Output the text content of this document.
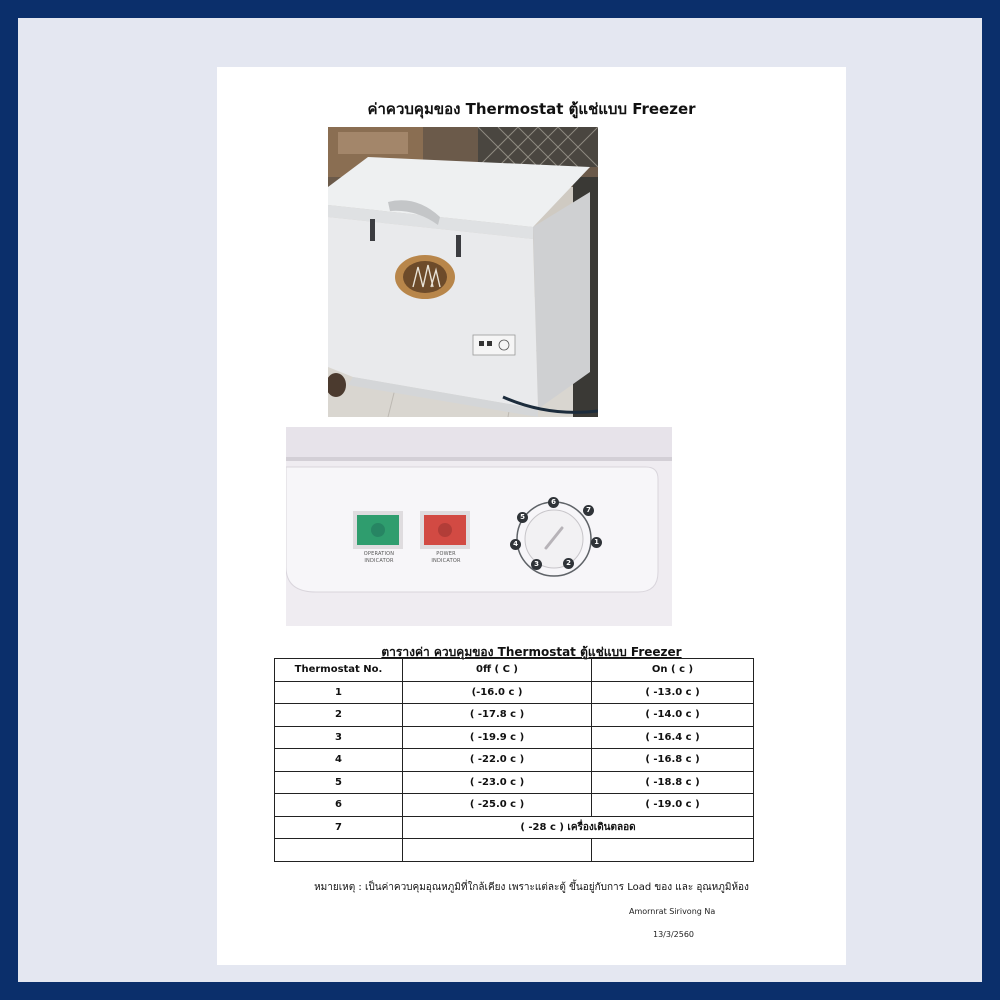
ค่าควบคุมของ Thermostat ตู้แช่แบบ Freezer
OPERATION
INDICATOR
POWER
INDICATOR
1
2
3
4
5
6
7
ตารางค่า ควบคุมของ Thermostat ตู้แช่แบบ Freezer
Thermostat No.	0ff ( C )	On ( c )
1	(-16.0 c )	( -13.0 c )
2	( -17.8 c )	( -14.0 c )
3	( -19.9 c )	( -16.4 c )
4	( -22.0 c )	( -16.8 c )
5	( -23.0 c )	( -18.8 c )
6	( -25.0 c )	( -19.0 c )
7	( -28 c ) เครื่องเดินตลอด	

หมายเหตุ : เป็นค่าควบคุมอุณหภูมิที่ใกล้เคียง เพราะแต่ละตู้ ขึ้นอยู่กับการ Load ของ และ อุณหภูมิห้อง
Amornrat Sirivong Na
13/3/2560
